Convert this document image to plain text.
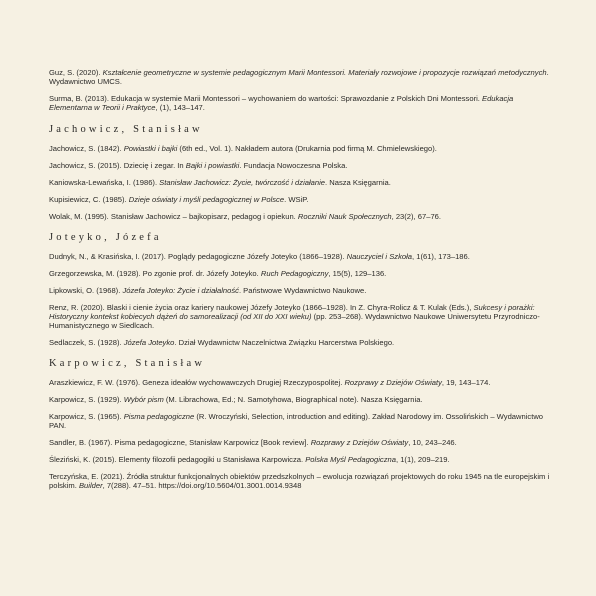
Guz, S. (2020). Kształcenie geometryczne w systemie pedagogicznym Marii Montessori. Materiały rozwojowe i propozycje rozwiązań metodycznych. Wydawnictwo UMCS.

Surma, B. (2013). Edukacja w systemie Marii Montessori – wychowaniem do wartości: Sprawozdanie z Polskich Dni Montessori. Edukacja Elementarna w Teorii i Praktyce, (1), 143–147.

Jachowicz, Stanisław

Jachowicz, S. (1842). Powiastki i bajki (6th ed., Vol. 1). Nakładem autora (Drukarnia pod firmą M. Chmielewskiego).

Jachowicz, S. (2015). Dziecię i zegar. In Bajki i powiastki. Fundacja Nowoczesna Polska.

Kaniowska-Lewańska, I. (1986). Stanisław Jachowicz: Życie, twórczość i działanie. Nasza Księgarnia.

Kupisiewicz, C. (1985). Dzieje oświaty i myśli pedagogicznej w Polsce. WSiP.

Wolak, M. (1995). Stanisław Jachowicz – bajkopisarz, pedagog i opiekun. Roczniki Nauk Społecznych, 23(2), 67–76.

Joteyko, Józefa

Dudnyk, N., & Krasińska, I. (2017). Poglądy pedagogiczne Józefy Joteyko (1866–1928). Nauczyciel i Szkoła, 1(61), 173–186.

Grzegorzewska, M. (1928). Po zgonie prof. dr. Józefy Joteyko. Ruch Pedagogiczny, 15(5), 129–136.

Lipkowski, O. (1968). Józefa Joteyko: Życie i działalność. Państwowe Wydawnictwo Naukowe.

Renz, R. (2020). Blaski i cienie życia oraz kariery naukowej Józefy Joteyko (1866–1928). In Z. Chyra-Rolicz & T. Kulak (Eds.), Sukcesy i porażki: Historyczny kontekst kobiecych dążeń do samorealizacji (od XII do XXI wieku) (pp. 253–268). Wydawnictwo Naukowe Uniwersytetu Przyrodniczo-Humanistycznego w Siedlcach.

Sedlaczek, S. (1928). Józefa Joteyko. Dział Wydawnictw Naczelnictwa Związku Harcerstwa Polskiego.

Karpowicz, Stanisław

Araszkiewicz, F. W. (1976). Geneza ideałów wychowawczych Drugiej Rzeczypospolitej. Rozprawy z Dziejów Oświaty, 19, 143–174.

Karpowicz, S. (1929). Wybór pism (M. Librachowa, Ed.; N. Samotyhowa, Biographical note). Nasza Księgarnia.

Karpowicz, S. (1965). Pisma pedagogiczne (R. Wroczyński, Selection, introduction and editing). Zakład Narodowy im. Ossolińskich – Wydawnictwo PAN.

Sandler, B. (1967). Pisma pedagogiczne, Stanisław Karpowicz [Book review]. Rozprawy z Dziejów Oświaty, 10, 243–246.

Śleziński, K. (2015). Elementy filozofii pedagogiki u Stanisława Karpowicza. Polska Myśl Pedagogiczna, 1(1), 209–219.

Terczyńska, E. (2021). Źródła struktur funkcjonalnych obiektów przedszkolnych – ewolucja rozwiązań projektowych do roku 1945 na tle europejskim i polskim. Builder, 7(288). 47–51. https://doi.org/10.5604/01.3001.0014.9348
